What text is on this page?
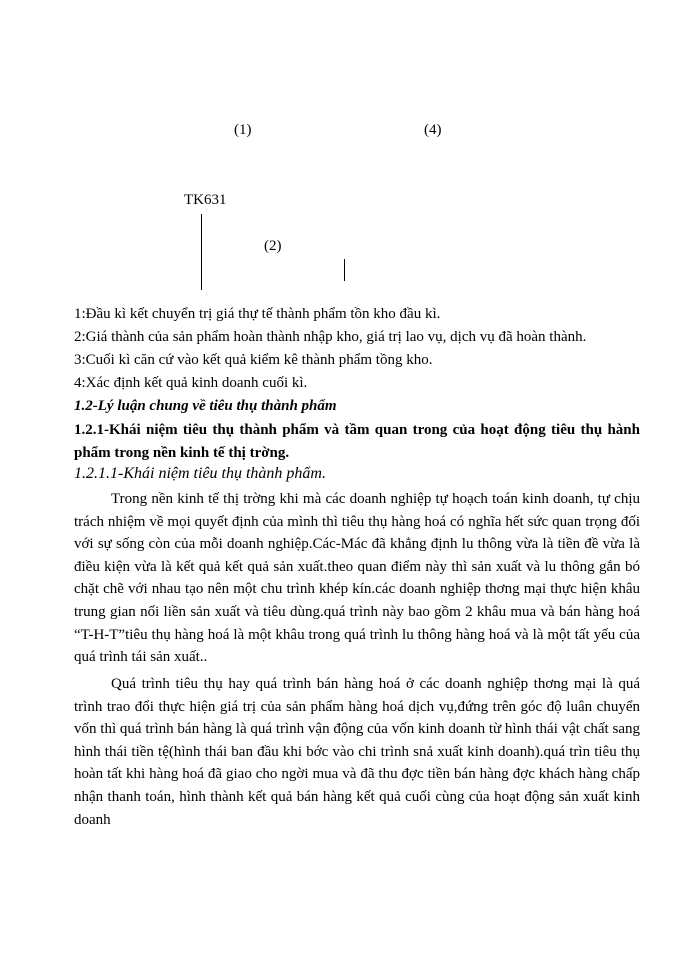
(1)	(4)
TK631
(2)
1:Đầu kì kết chuyển trị giá thự tế thành phẩm tồn kho đầu kì.
2:Giá thành của sản phẩm hoàn thành nhập kho, giá trị lao vụ, dịch vụ đã hoàn thành.
3:Cuối kì căn cứ vào kết quả kiểm kê thành phẩm tồng kho.
4:Xác định kết quả kinh doanh cuối kì.
1.2-Lý luận chung về tiêu thụ thành phẩm
1.2.1-Khái niệm tiêu thụ thành phẩm và tầm quan trong của hoạt động tiêu thụ hành phẩm trong nền kinh tế thị trờng.
1.2.1.1-Khái niệm tiêu thụ thành phẩm.
Trong nền kinh tế thị trờng khi mà các doanh nghiệp tự hoạch toán kinh doanh, tự chịu trách nhiệm về mọi quyết định của mình thì tiêu thụ hàng hoá có nghĩa hết sức quan trọng đối với sự sống còn của mỗi doanh nghiệp.Các-Mác đã khẳng định lu thông vừa là tiền đề vừa là điều kiện vừa là kết quả kết quả sản xuất.theo quan điểm này thì sản xuất và lu thông gắn bó chặt chẽ với nhau tạo nên một chu trình khép kín.các doanh nghiệp thơng mại thực hiện khâu trung gian nối liền sản xuất và tiêu dùng.quá trình này bao gồm 2 khâu mua và bán hàng hoá “T-H-T”tiêu thụ hàng hoá là một khâu trong quá trình lu thông hàng hoá và là một tất yếu của quá trình tái sản xuất..
Quá trình tiêu thụ hay quá trình bán hàng hoá ở các doanh nghiệp thơng mại là quá trình trao đổi thực hiện giá trị của sản phẩm hàng hoá dịch vụ,đứng trên góc độ luân chuyển vốn thì quá trình bán hàng là quá trình vận động của vốn kinh doanh từ hình thái vật chất sang hình thái tiền tệ(hình thái ban đầu khi bớc vào chi trình snả xuất kinh doanh).quá trìn tiêu thụ hoàn tất khi hàng hoá đã giao cho ngời mua và đã thu đợc tiền bán hàng đợc khách hàng chấp nhận thanh toán, hình thành kết quả bán hàng kết quả cuối cùng của hoạt động sản xuất kinh doanh
